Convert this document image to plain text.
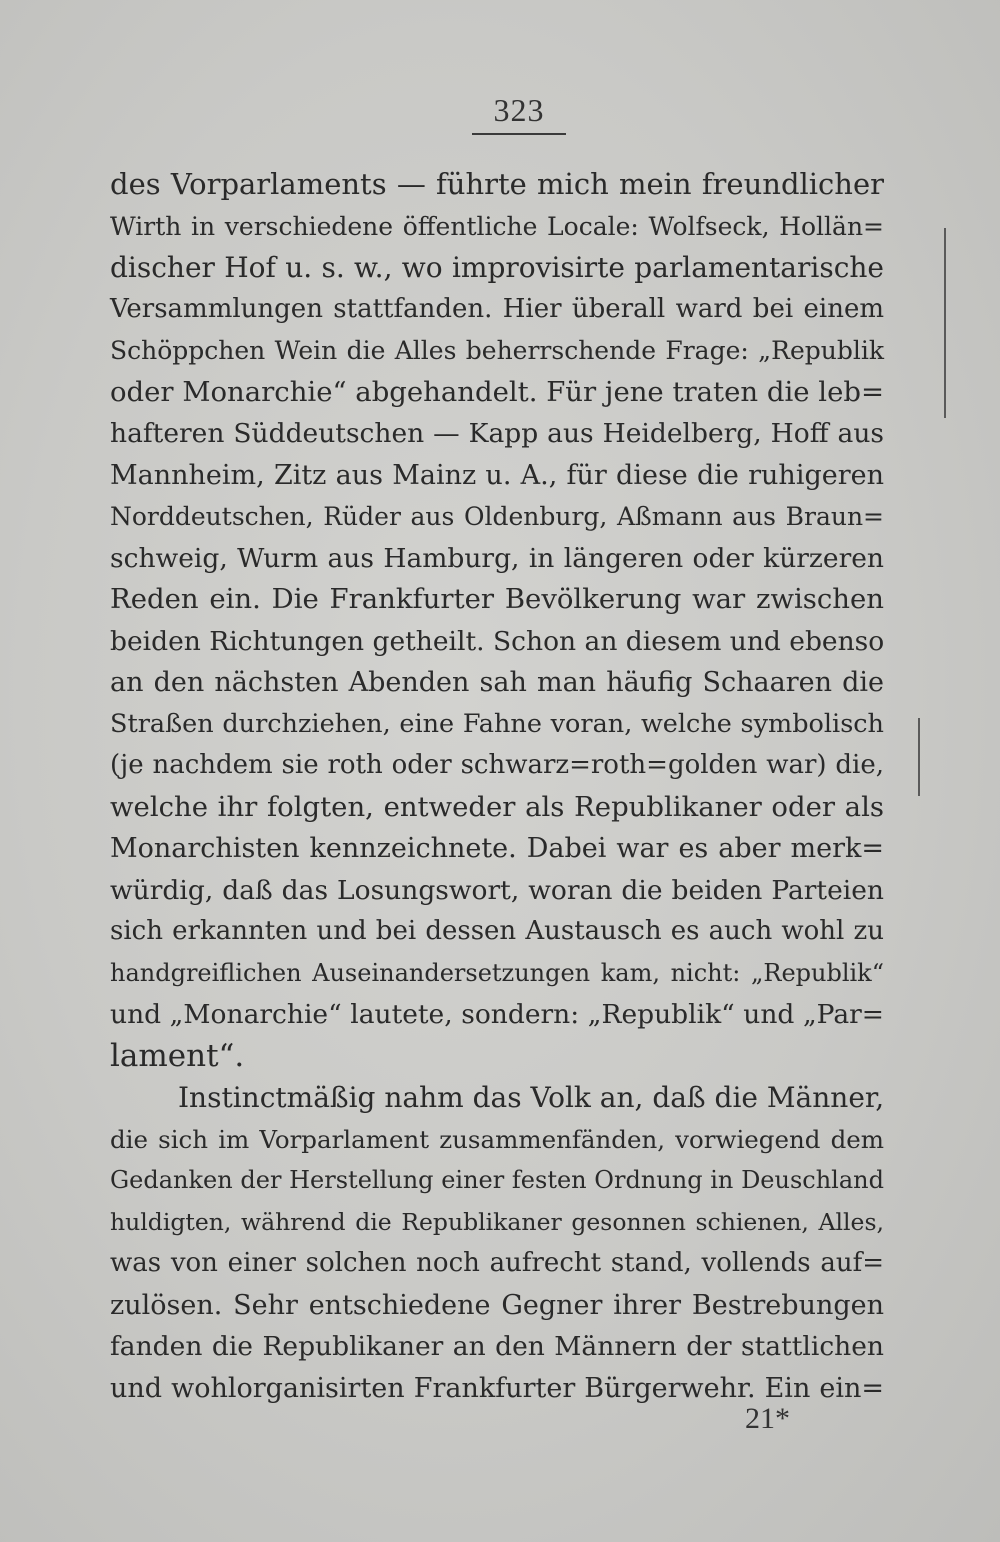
323
des Vorparlaments — führte mich mein freundlicher
Wirth in verschiedene öffentliche Locale: Wolfseck, Hollän=
discher Hof u. s. w., wo improvisirte parlamentarische
Versammlungen stattfanden. Hier überall ward bei einem
Schöppchen Wein die Alles beherrschende Frage: „Republik
oder Monarchie“ abgehandelt. Für jene traten die leb=
hafteren Süddeutschen — Kapp aus Heidelberg, Hoff aus
Mannheim, Zitz aus Mainz u. A., für diese die ruhigeren
Norddeutschen, Rüder aus Oldenburg, Aßmann aus Braun=
schweig, Wurm aus Hamburg, in längeren oder kürzeren
Reden ein. Die Frankfurter Bevölkerung war zwischen
beiden Richtungen getheilt. Schon an diesem und ebenso
an den nächsten Abenden sah man häufig Schaaren die
Straßen durchziehen, eine Fahne voran, welche symbolisch
(je nachdem sie roth oder schwarz=roth=golden war) die,
welche ihr folgten, entweder als Republikaner oder als
Monarchisten kennzeichnete. Dabei war es aber merk=
würdig, daß das Losungswort, woran die beiden Parteien
sich erkannten und bei dessen Austausch es auch wohl zu
handgreiflichen Auseinandersetzungen kam, nicht: „Republik“
und „Monarchie“ lautete, sondern: „Republik“ und „Par=
lament“.
Instinctmäßig nahm das Volk an, daß die Männer,
die sich im Vorparlament zusammenfänden, vorwiegend dem
Gedanken der Herstellung einer festen Ordnung in Deuschland
huldigten, während die Republikaner gesonnen schienen, Alles,
was von einer solchen noch aufrecht stand, vollends auf=
zulösen. Sehr entschiedene Gegner ihrer Bestrebungen
fanden die Republikaner an den Männern der stattlichen
und wohlorganisirten Frankfurter Bürgerwehr. Ein ein=
21*
